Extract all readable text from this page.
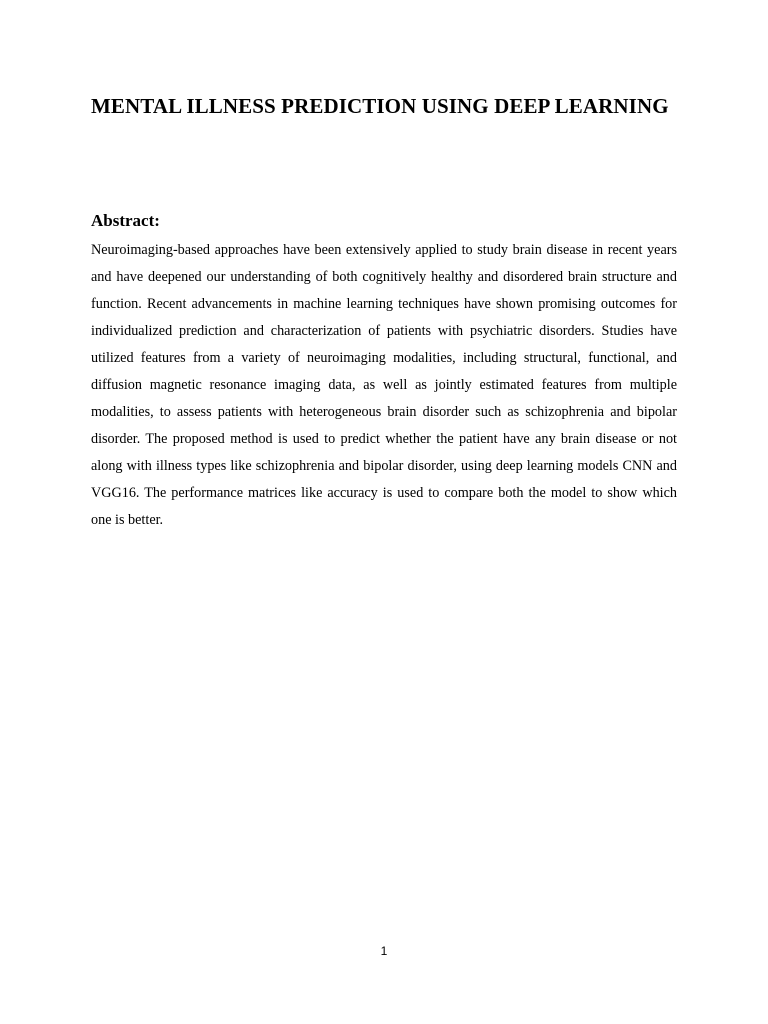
MENTAL ILLNESS PREDICTION USING DEEP LEARNING
Abstract:

Neuroimaging-based approaches have been extensively applied to study brain disease in recent years and have deepened our understanding of both cognitively healthy and disordered brain structure and function. Recent advancements in machine learning techniques have shown promising outcomes for individualized prediction and characterization of patients with psychiatric disorders. Studies have utilized features from a variety of neuroimaging modalities, including structural, functional, and diffusion magnetic resonance imaging data, as well as jointly estimated features from multiple modalities, to assess patients with heterogeneous brain disorder such as schizophrenia and bipolar disorder. The proposed method is used to predict whether the patient have any brain disease or not along with illness types like schizophrenia and bipolar disorder, using deep learning models CNN and VGG16. The performance matrices like accuracy is used to compare both the model to show which one is better.

1
